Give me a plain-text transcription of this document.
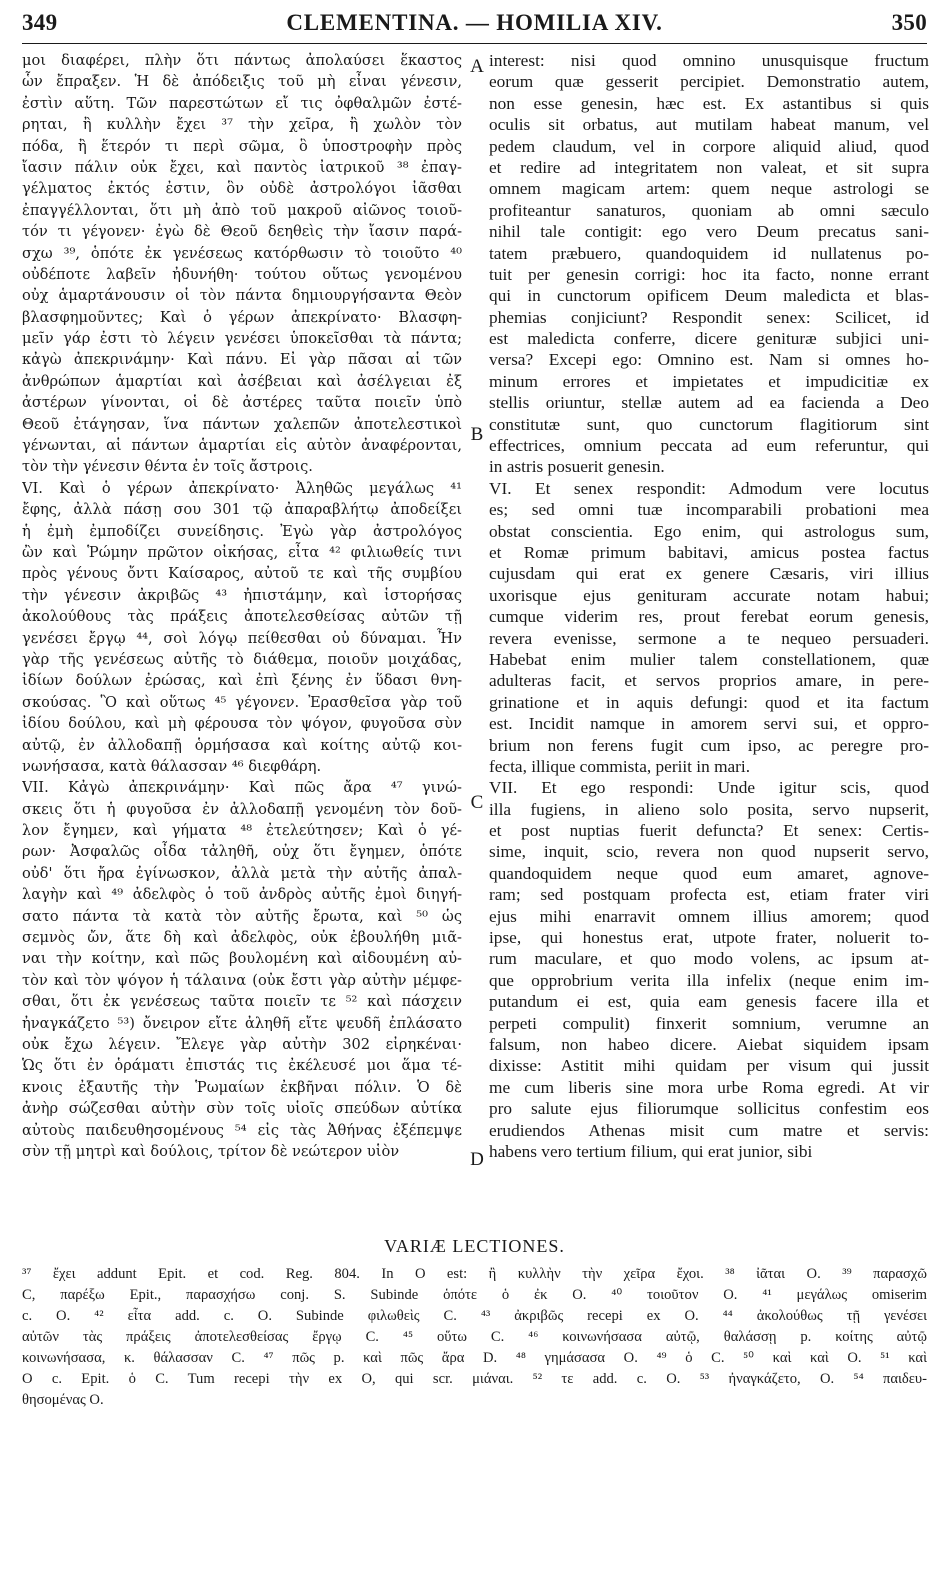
349	CLEMENTINA. — HOMILIA XIV.	350
μοι διαφέρει, πλὴν ὅτι πάντως ἀπολαύσει ἕκαστος
ὧν ἔπραξεν. Ἡ δὲ ἀπόδειξις τοῦ μὴ εἶναι γένεσιν,
ἐστὶν αὕτη. Τῶν παρεστώτων εἴ τις ὀφθαλμῶν ἐστέ-
ρηται, ἢ κυλλὴν ἔχει ³⁷ τὴν χεῖρα, ἢ χωλὸν τὸν
πόδα, ἢ ἕτερόν τι περὶ σῶμα, ὃ ὑποστροφὴν πρὸς
ἴασιν πάλιν οὐκ ἔχει, καὶ παντὸς ἰατρικοῦ ³⁸ ἐπαγ-
γέλματος ἐκτός ἐστιν, ὃν οὐδὲ ἀστρολόγοι ἰᾶσθαι
ἐπαγγέλλονται, ὅτι μὴ ἀπὸ τοῦ μακροῦ αἰῶνος τοιοῦ-
τόν τι γέγονεν· ἐγὼ δὲ Θεοῦ δεηθεὶς τὴν ἴασιν παρά-
σχω ³⁹, ὁπότε ἐκ γενέσεως κατόρθωσιν τὸ τοιοῦτο ⁴⁰
οὐδέποτε λαβεῖν ἠδυνήθη· τούτου οὕτως γενομένου
οὐχ ἁμαρτάνουσιν οἱ τὸν πάντα δημιουργήσαντα Θεὸν
βλασφημοῦντες; Καὶ ὁ γέρων ἀπεκρίνατο· Βλασφη-
μεῖν γάρ ἐστι τὸ λέγειν γενέσει ὑποκεῖσθαι τὰ πάντα;
κἀγὼ ἀπεκρινάμην· Καὶ πάνυ. Εἰ γὰρ πᾶσαι αἱ τῶν
ἀνθρώπων ἁμαρτίαι καὶ ἀσέβειαι καὶ ἀσέλγειαι ἐξ
ἀστέρων γίνονται, οἱ δὲ ἀστέρες ταῦτα ποιεῖν ὑπὸ
Θεοῦ ἐτάγησαν, ἵνα πάντων χαλεπῶν ἀποτελεστικοὶ
γένωνται, αἱ πάντων ἁμαρτίαι εἰς αὐτὸν ἀναφέρονται,
τὸν τὴν γένεσιν θέντα ἐν τοῖς ἄστροις.
VI. Καὶ ὁ γέρων ἀπεκρίνατο· Ἀληθῶς μεγάλως ⁴¹
ἔφης, ἀλλὰ πάσῃ σου 301 τῷ ἀπαραβλήτῳ ἀποδείξει
ἡ ἐμὴ ἐμποδίζει συνείδησις. Ἐγὼ γὰρ ἀστρολόγος
ὢν καὶ Ῥώμην πρῶτον οἰκήσας, εἶτα ⁴² φιλιωθείς τινι
πρὸς γένους ὄντι Καίσαρος, αὐτοῦ τε καὶ τῆς συμβίου
τὴν γένεσιν ἀκριβῶς ⁴³ ἠπιστάμην, καὶ ἱστορήσας
ἀκολούθους τὰς πράξεις ἀποτελεσθείσας αὐτῶν τῇ
γενέσει ἔργῳ ⁴⁴, σοὶ λόγῳ πείθεσθαι οὐ δύναμαι. Ἦν
γὰρ τῆς γενέσεως αὐτῆς τὸ διάθεμα, ποιοῦν μοιχάδας,
ἰδίων δούλων ἐρώσας, καὶ ἐπὶ ξένης ἐν ὕδασι θνη-
σκούσας. Ὃ καὶ οὕτως ⁴⁵ γέγονεν. Ἐρασθεῖσα γὰρ τοῦ
ἰδίου δούλου, καὶ μὴ φέρουσα τὸν ψόγον, φυγοῦσα σὺν
αὐτῷ, ἐν ἀλλοδαπῇ ὁρμήσασα καὶ κοίτης αὐτῷ κοι-
νωνήσασα, κατὰ θάλασσαν ⁴⁶ διεφθάρη.
VII. Κἀγὼ ἀπεκρινάμην· Καὶ πῶς ἄρα ⁴⁷ γινώ-
σκεις ὅτι ἡ φυγοῦσα ἐν ἀλλοδαπῇ γενομένη τὸν δοῦ-
λον ἔγημεν, καὶ γήματα ⁴⁸ ἐτελεύτησεν; Καὶ ὁ γέ-
ρων· Ἀσφαλῶς οἶδα τἀληθῆ, οὐχ ὅτι ἔγημεν, ὁπότε
οὐδ' ὅτι ἤρα ἐγίνωσκον, ἀλλὰ μετὰ τὴν αὐτῆς ἀπαλ-
λαγὴν καὶ ⁴⁹ ἀδελφὸς ὁ τοῦ ἀνδρὸς αὐτῆς ἐμοὶ διηγή-
σατο πάντα τὰ κατὰ τὸν αὐτῆς ἔρωτα, καὶ ⁵⁰ ὡς
σεμνὸς ὤν, ἅτε δὴ καὶ ἀδελφὸς, οὐκ ἐβουλήθη μιᾶ-
ναι τὴν κοίτην, καὶ πῶς βουλομένη καὶ αἰδουμένη αὐ-
τὸν καὶ τὸν ψόγον ἡ τάλαινα (οὐκ ἔστι γὰρ αὐτὴν μέμφε-
σθαι, ὅτι ἐκ γενέσεως ταῦτα ποιεῖν τε ⁵² καὶ πάσχειν
ἠναγκάζετο ⁵³) ὄνειρον εἴτε ἀληθῆ εἴτε ψευδῆ ἐπλάσατο
οὐκ ἔχω λέγειν. Ἔλεγε γὰρ αὐτὴν 302 εἰρηκέναι·
Ὡς ὅτι ἐν ὁράματι ἐπιστάς τις ἐκέλευσέ μοι ἅμα τέ-
κνοις ἐξαυτῆς τὴν Ῥωμαίων ἐκβῆναι πόλιν. Ὁ δὲ
ἀνὴρ σώζεσθαι αὐτὴν σὺν τοῖς υἱοῖς σπεύδων αὐτίκα
αὐτοὺς παιδευθησομένους ⁵⁴ εἰς τὰς Ἀθήνας ἐξέπεμψε
σὺν τῇ μητρὶ καὶ δούλοις, τρίτον δὲ νεώτερον υἱὸν
interest: nisi quod omnino unusquisque fructum
eorum quæ gesserit percipiet. Demonstratio autem,
non esse genesin, hæc est. Ex astantibus si quis
oculis sit orbatus, aut mutilam habeat manum, vel
pedem claudum, vel in corpore aliquid aliud, quod
et redire ad integritatem non valeat, et sit supra
omnem magicam artem: quem neque astrologi se
profiteantur sanaturos, quoniam ab omni sæculo
nihil tale contigit: ego vero Deum precatus sani-
tatem præbuero, quandoquidem id nullatenus po-
tuit per genesin corrigi: hoc ita facto, nonne errant
qui in cunctorum opificem Deum maledicta et blas-
phemias conjiciunt? Respondit senex: Scilicet, id
est maledicta conferre, dicere genituræ subjici uni-
versa? Excepi ego: Omnino est. Nam si omnes ho-
minum errores et impietates et impudicitiæ ex
stellis oriuntur, stellæ autem ad ea facienda a Deo
constitutæ sunt, quo cunctorum flagitiorum sint
effectrices, omnium peccata ad eum referuntur, qui
in astris posuerit genesin.
VI. Et senex respondit: Admodum vere locutus
es; sed omni tuæ incomparabili probationi mea
obstat conscientia. Ego enim, qui astrologus sum,
et Romæ primum babitavi, amicus postea factus
cujusdam qui erat ex genere Cæsaris, viri illius
uxorisque ejus genituram accurate notam habui;
cumque viderim res, prout ferebat eorum genesis,
revera evenisse, sermone a te nequeo persuaderi.
Habebat enim mulier talem constellationem, quæ
adulteras facit, et servos proprios amare, in pere-
grinatione et in aquis defungi: quod et ita factum
est. Incidit namque in amorem servi sui, et oppro-
brium non ferens fugit cum ipso, ac peregre pro-
fecta, illique commista, periit in mari.
VII. Et ego respondi: Unde igitur scis, quod
illa fugiens, in alieno solo posita, servo nupserit,
et post nuptias fuerit defuncta? Et senex: Certis-
sime, inquit, scio, revera non quod nupserit servo,
quandoquidem neque quod eum amaret, agnove-
ram; sed postquam profecta est, etiam frater viri
ejus mihi enarravit omnem illius amorem; quod
ipse, qui honestus erat, utpote frater, noluerit to-
rum maculare, et quo modo volens, ac ipsum at-
que opprobrium verita illa infelix (neque enim im-
putandum ei est, quia eam genesis facere illa et
perpeti compulit) finxerit somnium, verumne an
falsum, non habeo dicere. Aiebat siquidem ipsam
dixisse: Astitit mihi quidam per visum qui jussit
me cum liberis sine mora urbe Roma egredi. At vir
pro salute ejus filiorumque sollicitus confestim eos
erudiendos Athenas misit cum matre et servis:
habens vero tertium filium, qui erat junior, sibi
A
B
C
D
VARIÆ LECTIONES.
³⁷ ἔχει addunt Epit. et cod. Reg. 804. In O est: ἢ κυλλὴν τὴν χεῖρα ἔχοι. ³⁸ ἰᾶται O. ³⁹ παρασχῶ
C, παρέξω Epit., παρασχήσω conj. S. Subinde ὁπότε ὁ ἐκ O. ⁴⁰ τοιοῦτον O. ⁴¹ μεγάλως omiserim
c. O. ⁴² εἶτα add. c. O. Subinde φιλωθεὶς C. ⁴³ ἀκριβῶς recepi ex O. ⁴⁴ ἀκολούθως τῇ γενέσει
αὐτῶν τὰς πράξεις ἀποτελεσθείσας ἔργῳ C. ⁴⁵ οὕτω C. ⁴⁶ κοινωνήσασα αὐτῷ, θαλάσσῃ p. κοίτης αὐτῷ
κοινωνήσασα, κ. θάλασσαν C. ⁴⁷ πῶς p. καὶ πῶς ἄρα D. ⁴⁸ γημάσασα O. ⁴⁹ ὁ C. ⁵⁰ καὶ καὶ O. ⁵¹ καὶ
O c. Epit. ὁ C. Tum recepi τὴν ex O, qui scr. μιάναι. ⁵² τε add. c. O. ⁵³ ἠναγκάζετο, O. ⁵⁴ παιδευ-
θησομένας O.
